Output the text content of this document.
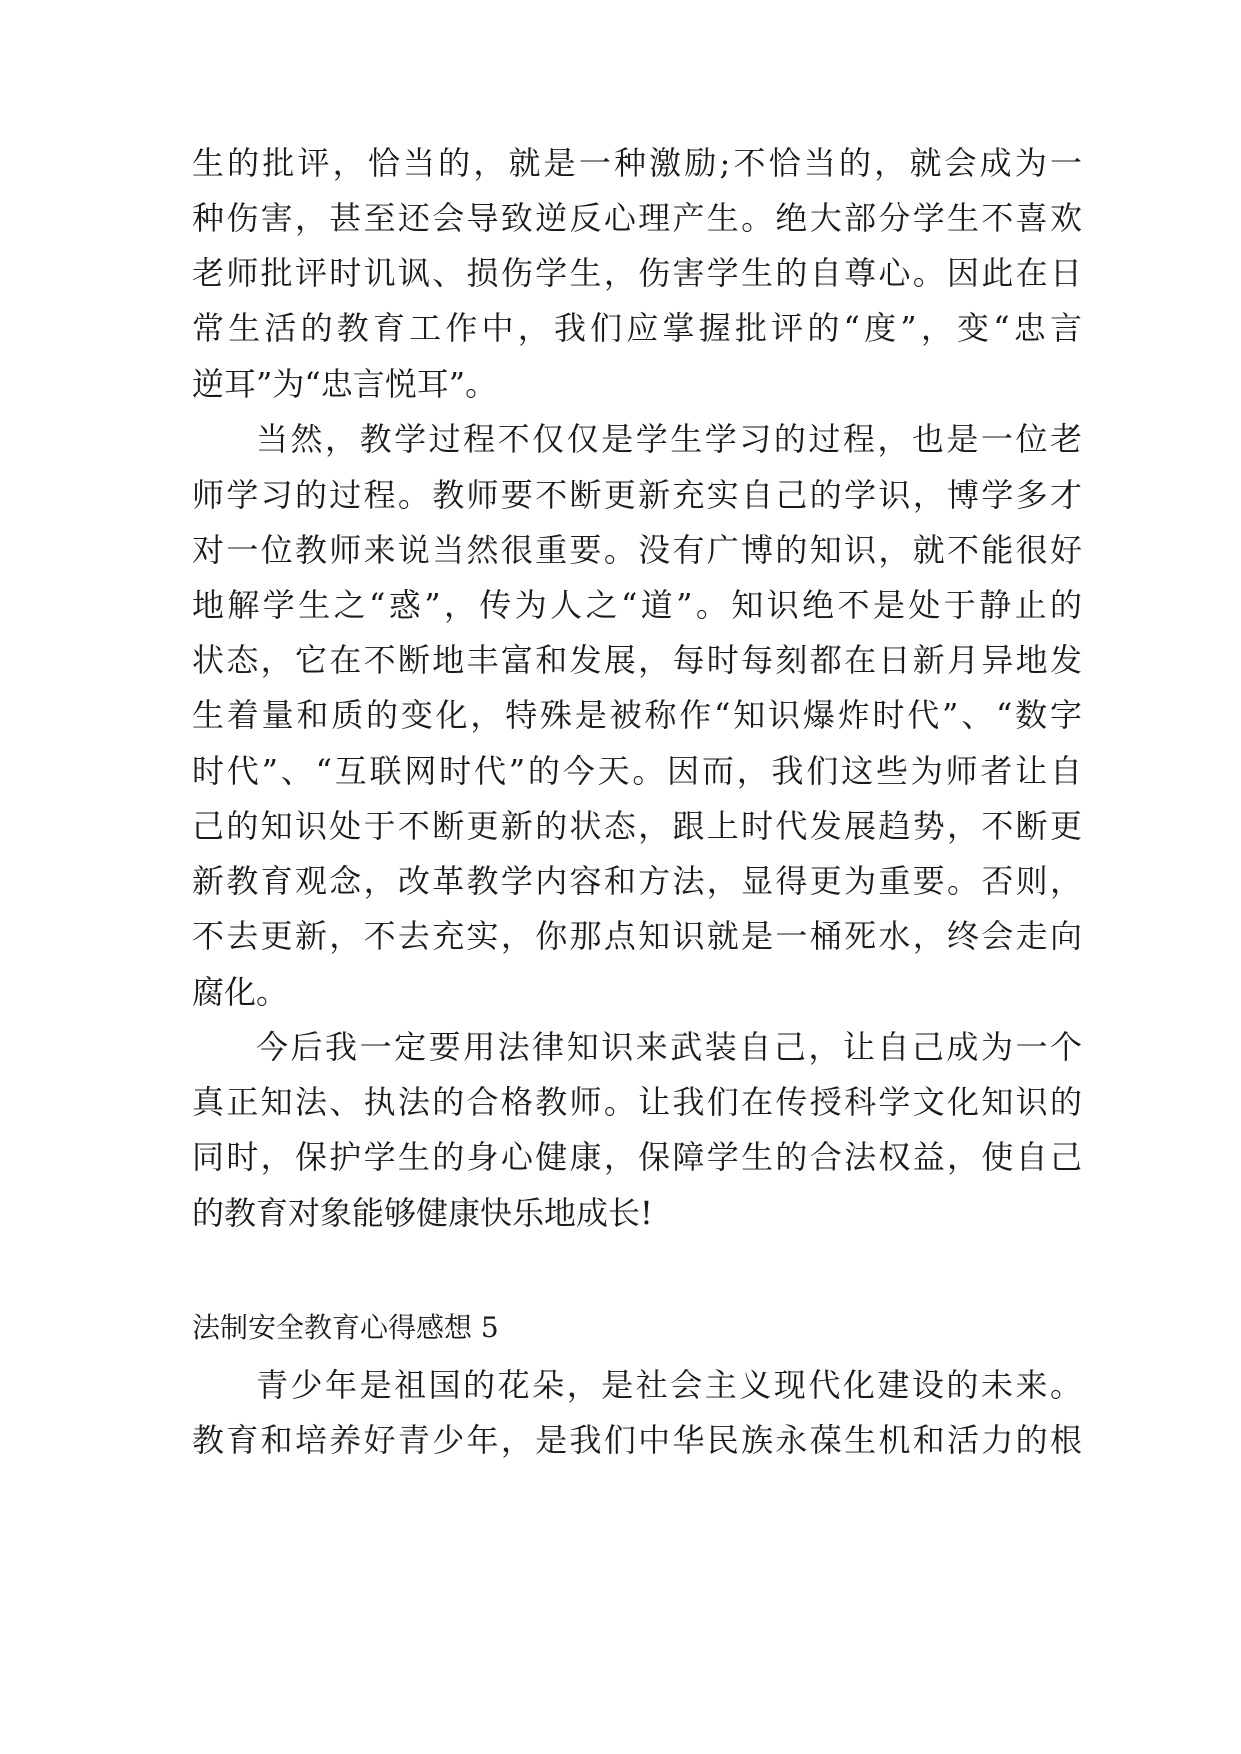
生的批评，恰当的，就是一种激励;不恰当的，就会成为一

种伤害，甚至还会导致逆反心理产生。绝大部分学生不喜欢

老师批评时讥讽、损伤学生，伤害学生的自尊心。因此在日

常生活的教育工作中，我们应掌握批评的“度”，变“忠言

逆耳”为“忠言悦耳”。

当然，教学过程不仅仅是学生学习的过程，也是一位老

师学习的过程。教师要不断更新充实自己的学识，博学多才

对一位教师来说当然很重要。没有广博的知识，就不能很好

地解学生之“惑”，传为人之“道”。知识绝不是处于静止的

状态，它在不断地丰富和发展，每时每刻都在日新月异地发

生着量和质的变化，特殊是被称作“知识爆炸时代”、“数字

时代”、“互联网时代”的今天。因而，我们这些为师者让自

己的知识处于不断更新的状态，跟上时代发展趋势，不断更

新教育观念，改革教学内容和方法，显得更为重要。否则，

不去更新，不去充实，你那点知识就是一桶死水，终会走向

腐化。

今后我一定要用法律知识来武装自己，让自己成为一个

真正知法、执法的合格教师。让我们在传授科学文化知识的

同时，保护学生的身心健康，保障学生的合法权益，使自己

的教育对象能够健康快乐地成长!

法制安全教育心得感想 5

青少年是祖国的花朵，是社会主义现代化建设的未来。

教育和培养好青少年，是我们中华民族永葆生机和活力的根
